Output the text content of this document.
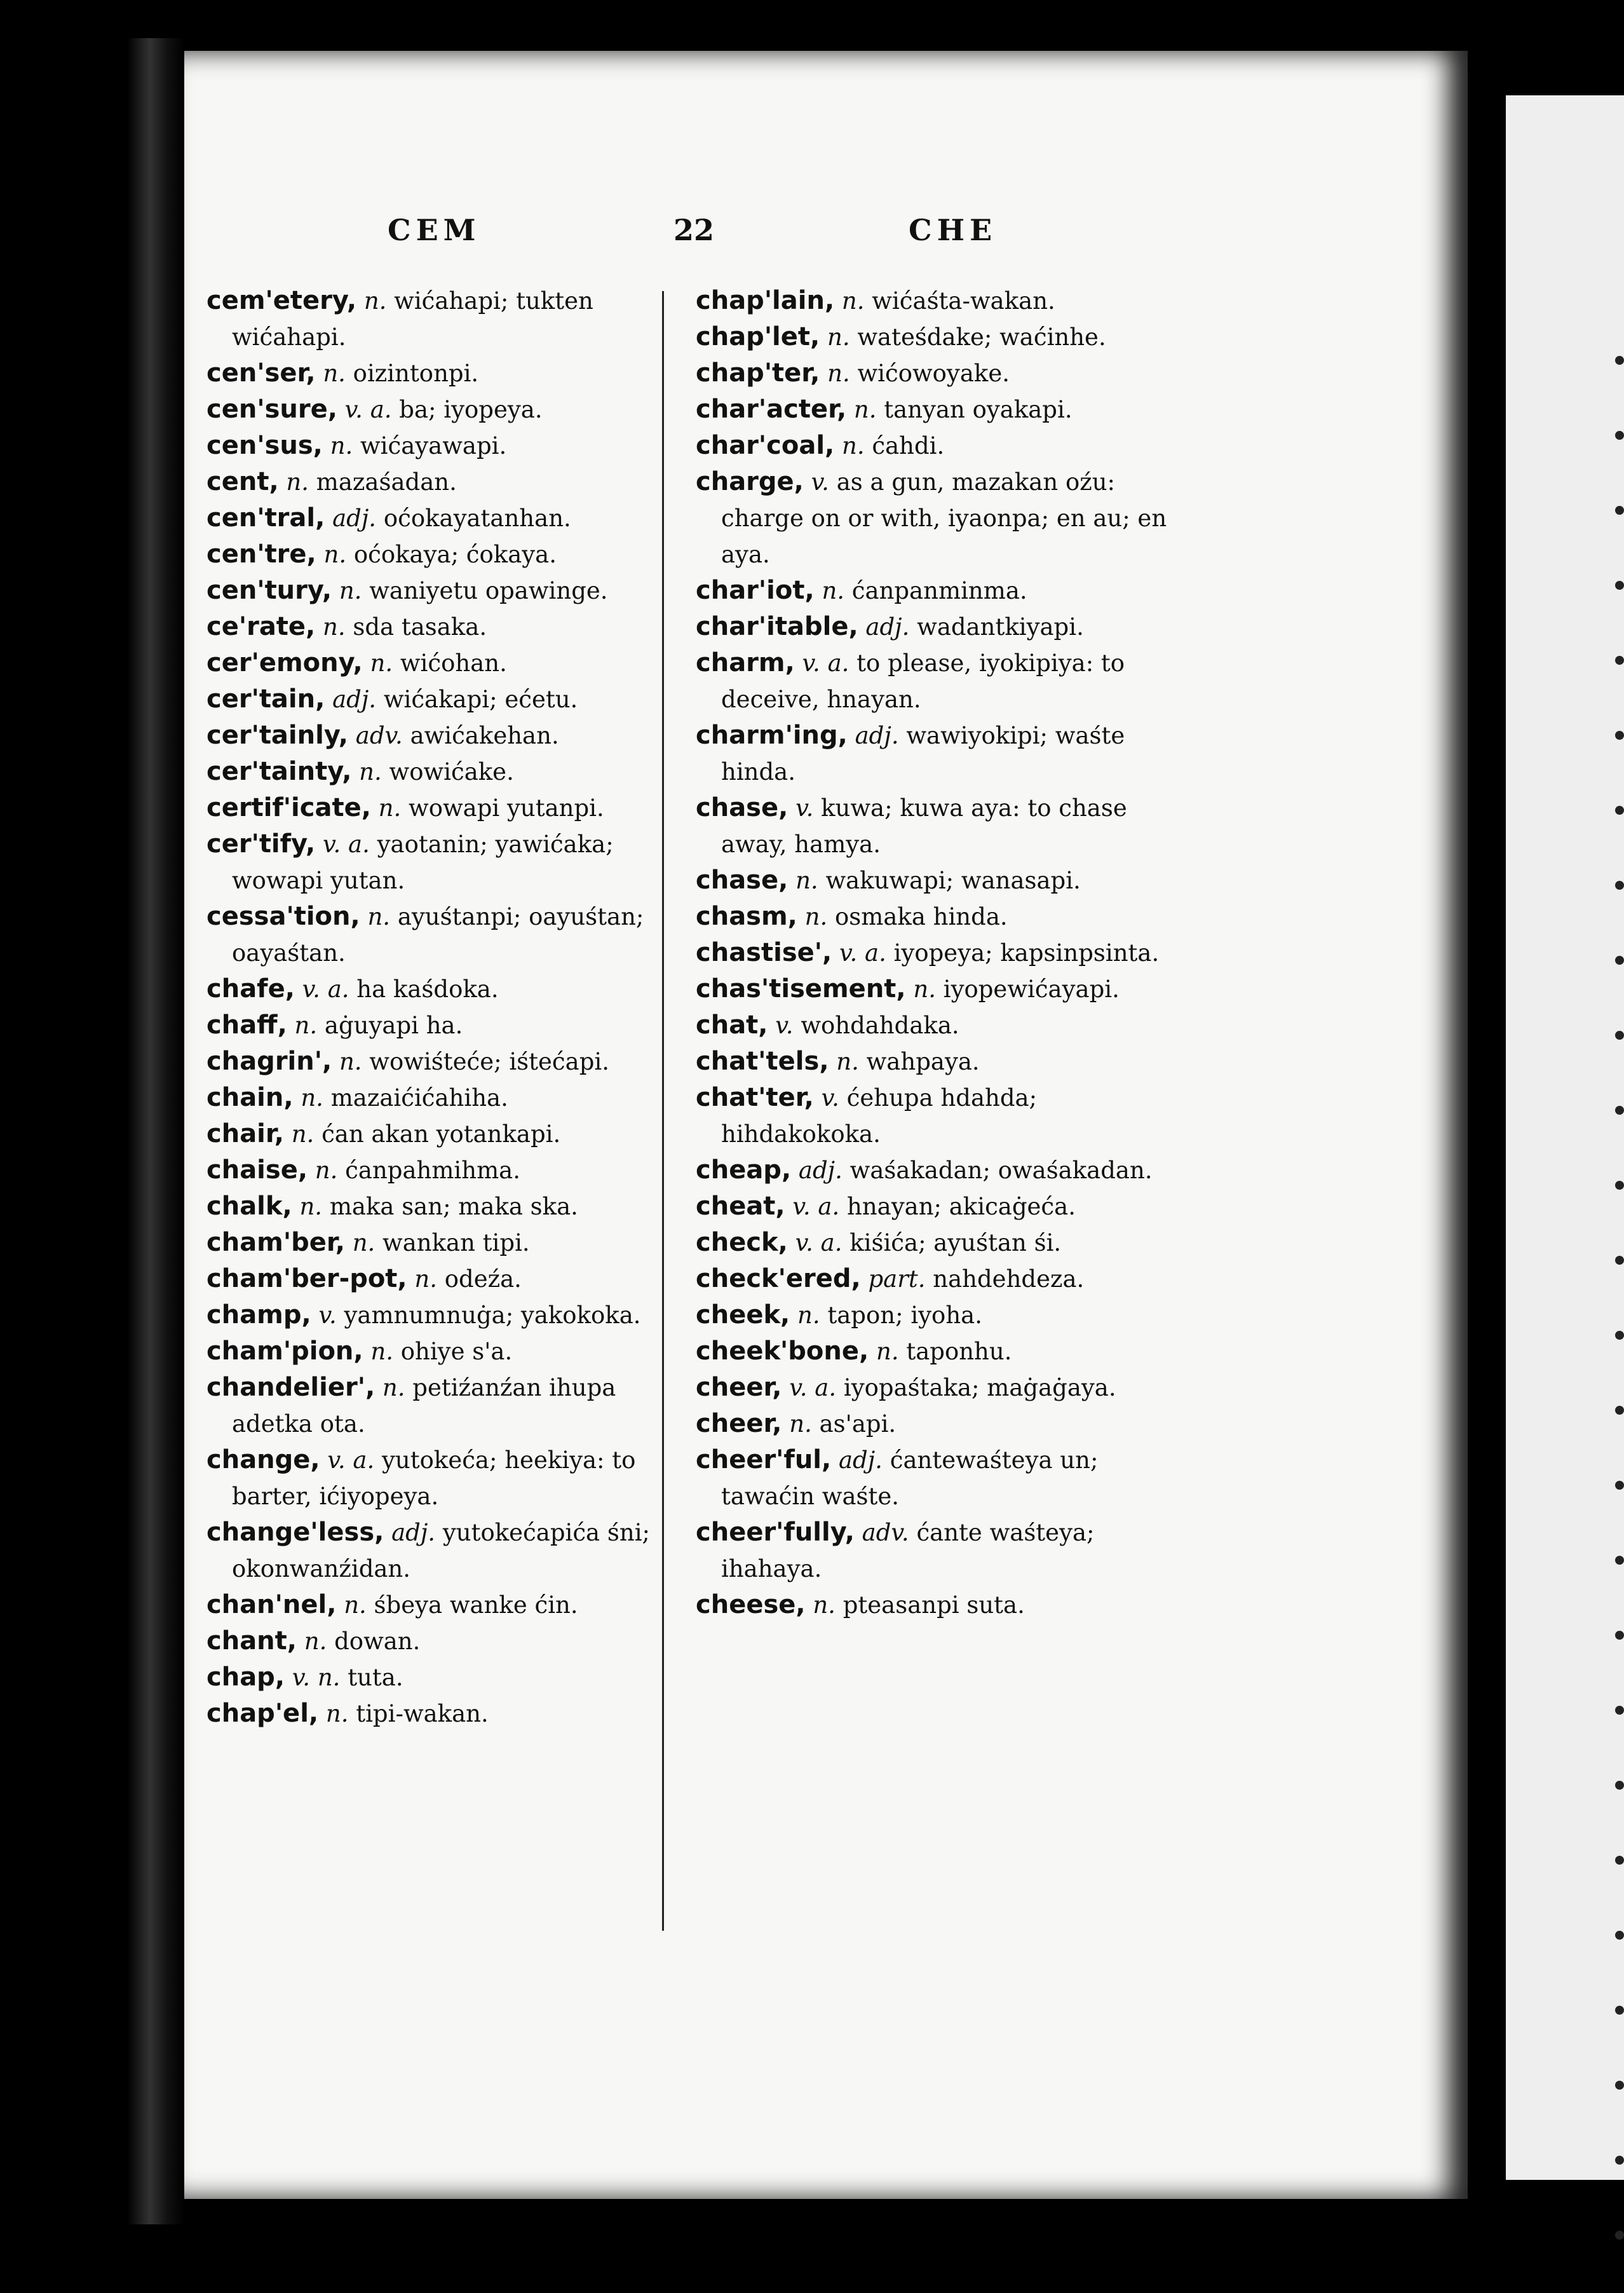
CEM	22	CHE

cem'etery, n. wićahapi; tukten wićahapi.

cen'ser, n. oizintonpi.

cen'sure, v. a. ba; iyopeya.

cen'sus, n. wićayawapi.

cent, n. mazaśadan.

cen'tral, adj. oćokayatanhan.

cen'tre, n. oćokaya; ćokaya.

cen'tury, n. waniyetu opawinge.

ce'rate, n. sda tasaka.

cer'emony, n. wićohan.

cer'tain, adj. wićakapi; ećetu.

cer'tainly, adv. awićakehan.

cer'tainty, n. wowićake.

certif'icate, n. wowapi yutanpi.

cer'tify, v. a. yaotanin; yawićaka; wowapi yutan.

cessa'tion, n. ayuśtanpi; oayuśtan; oayaśtan.

chafe, v. a. ha kaśdoka.

chaff, n. aġuyapi ha.

chagrin', n. wowiśteće; iśtećapi.

chain, n. mazaićićahiha.

chair, n. ćan akan yotankapi.

chaise, n. ćanpahmihma.

chalk, n. maka san; maka ska.

cham'ber, n. wankan tipi.

cham'ber-pot, n. odeźa.

champ, v. yamnumnuġa; yakokoka.

cham'pion, n. ohiye s'a.

chandelier', n. petiźanźan ihupa adetka ota.

change, v. a. yutokeća; heekiya: to barter, ićiyopeya.

change'less, adj. yutokećapića śni; okonwanźidan.

chan'nel, n. śbeya wanke ćin.

chant, n. dowan.

chap, v. n. tuta.

chap'el, n. tipi-wakan.

chap'lain, n. wićaśta-wakan.

chap'let, n. wateśdake; waćinhe.

chap'ter, n. wićowoyake.

char'acter, n. tanyan oyakapi.

char'coal, n. ćahdi.

charge, v. as a gun, mazakan oźu: charge on or with, iyaonpa; en au; en aya.

char'iot, n. ćanpanminma.

char'itable, adj. wadantkiyapi.

charm, v. a. to please, iyokipiya: to deceive, hnayan.

charm'ing, adj. wawiyokipi; waśte hinda.

chase, v. kuwa; kuwa aya: to chase away, hamya.

chase, n. wakuwapi; wanasapi.

chasm, n. osmaka hinda.

chastise', v. a. iyopeya; kapsinpsinta.

chas'tisement, n. iyopewićayapi.

chat, v. wohdahdaka.

chat'tels, n. wahpaya.

chat'ter, v. ćehupa hdahda; hihdakokoka.

cheap, adj. waśakadan; owaśakadan.

cheat, v. a. hnayan; akicaġeća.

check, v. a. kiśića; ayuśtan śi.

check'ered, part. nahdehdeza.

cheek, n. tapon; iyoha.

cheek'bone, n. taponhu.

cheer, v. a. iyopaśtaka; maġaġaya.

cheer, n. as'api.

cheer'ful, adj. ćantewaśteya un; tawaćin waśte.

cheer'fully, adv. ćante waśteya; ihahaya.

cheese, n. pteasanpi suta.
